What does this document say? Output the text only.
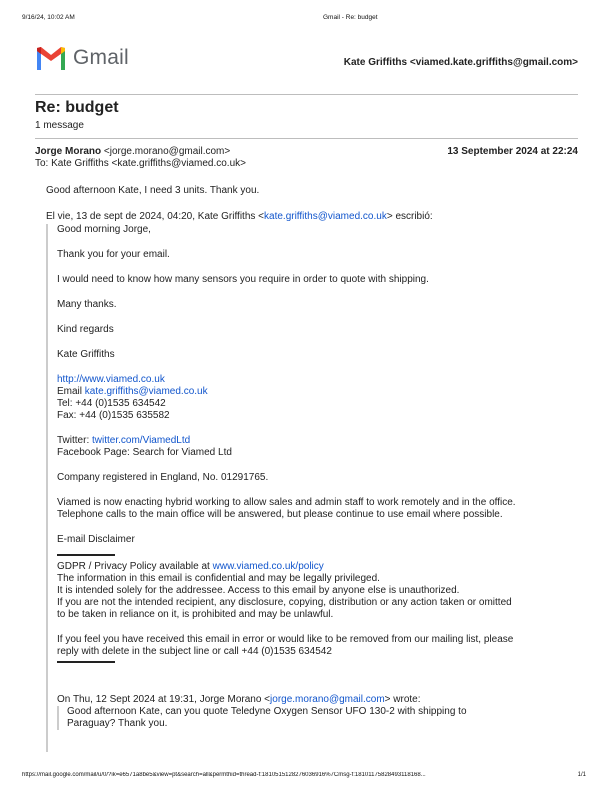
9/16/24, 10:02 AM	Gmail - Re: budget
Gmail	Kate Griffiths <viamed.kate.griffiths@gmail.com>
Re: budget
1 message
Jorge Morano <jorge.morano@gmail.com>	13 September 2024 at 22:24
To: Kate Griffiths <kate.griffiths@viamed.co.uk>
Good afternoon Kate, I need 3 units. Thank you.
El vie, 13 de sept de 2024, 04:20, Kate Griffiths <kate.griffiths@viamed.co.uk> escribió:

Good morning Jorge,

Thank you for your email.

I would need to know how many sensors you require in order to quote with shipping.

Many thanks.

Kind regards

Kate Griffiths

http://www.viamed.co.uk

Email kate.griffiths@viamed.co.uk

Tel: +44 (0)1535 634542

Fax: +44 (0)1535 635582

Twitter: twitter.com/ViamedLtd

Facebook Page: Search for Viamed Ltd

Company registered in England, No. 01291765.

Viamed is now enacting hybrid working to allow sales and admin staff to work remotely and in the office.

Telephone calls to the main office will be answered, but please continue to use email where possible.

E-mail Disclaimer

GDPR / Privacy Policy available at www.viamed.co.uk/policy

The information in this email is confidential and may be legally privileged.

It is intended solely for the addressee. Access to this email by anyone else is unauthorized.

If you are not the intended recipient, any disclosure, copying, distribution or any action taken or omitted

to be taken in reliance on it, is prohibited and may be unlawful.

If you feel you have received this email in error or would like to be removed from our mailing list, please

reply with delete in the subject line or call +44 (0)1535 634542

On Thu, 12 Sept 2024 at 19:31, Jorge Morano <jorge.morano@gmail.com> wrote:

Good afternoon Kate, can you quote Teledyne Oxygen Sensor UFO 130-2 with shipping to

Paraguay? Thank you.

https://mail.google.com/mail/u/0/?ik=e6571a8be5&view=pt&search=all&permthid=thread-f:1810515128276036916%7Cmsg-f:18101175828493118168...	1/1
